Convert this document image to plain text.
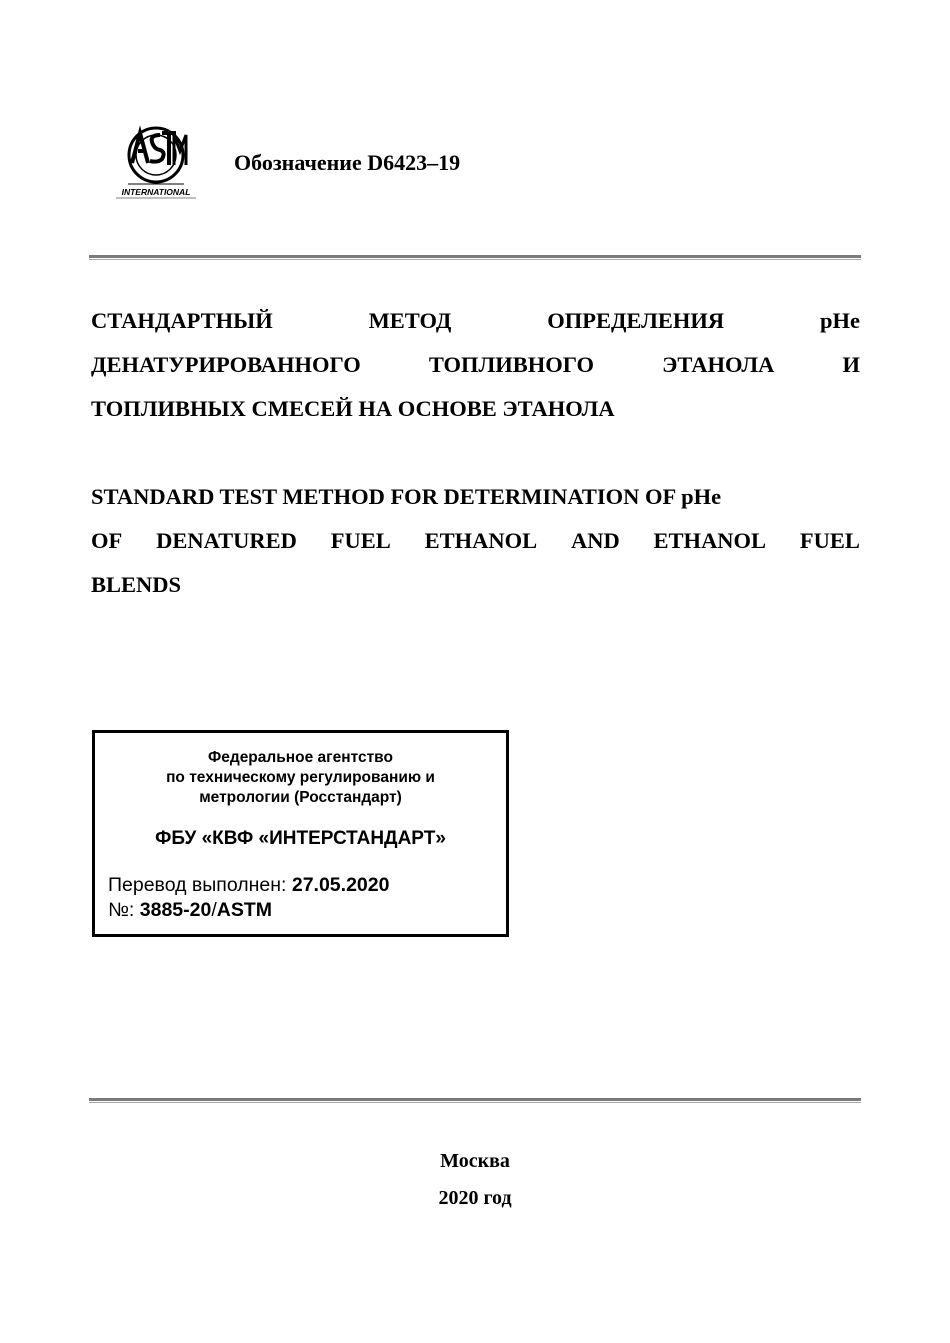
INTERNATIONAL
Обозначение D6423–19
СТАНДАРТНЫЙ	МЕТОД	ОПРЕДЕЛЕНИЯ	pHe
ДЕНАТУРИРОВАННОГО	ТОПЛИВНОГО	ЭТАНОЛА	И
ТОПЛИВНЫХ СМЕСЕЙ НА ОСНОВЕ ЭТАНОЛА
STANDARD TEST METHOD FOR DETERMINATION OF pHe
OF DENATURED FUEL ETHANOL AND ETHANOL FUEL
BLENDS
Федеральное агентство
по техническому регулированию и
метрологии (Росстандарт)
ФБУ «КВФ «ИНТЕРСТАНДАРТ»
Перевод выполнен: 27.05.2020
№: 3885-20/ASTM
Москва
2020 год
